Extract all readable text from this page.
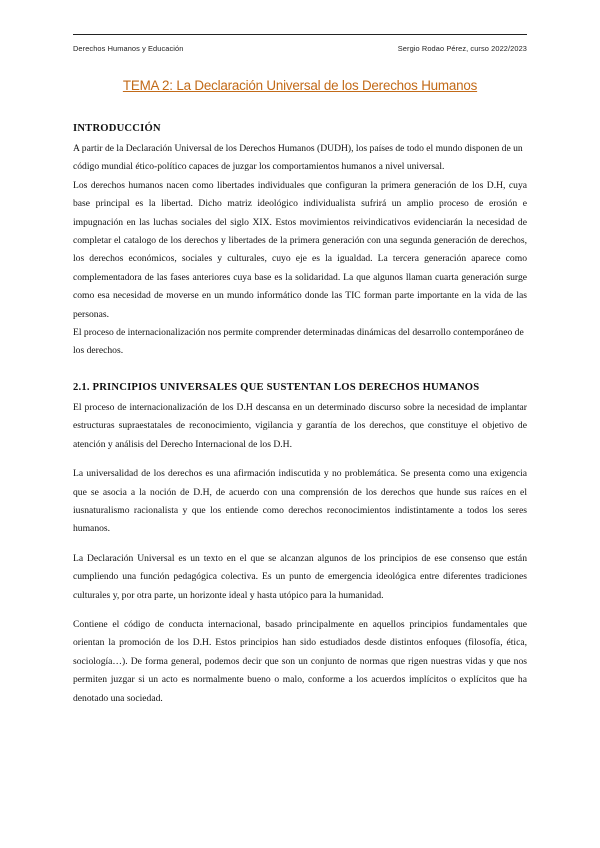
Derechos Humanos y Educación	Sergio Rodao Pérez, curso 2022/2023
TEMA 2: La Declaración Universal de los Derechos Humanos
INTRODUCCIÓN

A partir de la Declaración Universal de los Derechos Humanos (DUDH), los países de todo el mundo disponen de un código mundial ético-político capaces de juzgar los comportamientos humanos a nivel universal.

Los derechos humanos nacen como libertades individuales que configuran la primera generación de los D.H, cuya base principal es la libertad. Dicho matriz ideológico individualista sufrirá un amplio proceso de erosión e impugnación en las luchas sociales del siglo XIX. Estos movimientos reivindicativos evidenciarán la necesidad de completar el catalogo de los derechos y libertades de la primera generación con una segunda generación de derechos, los derechos económicos, sociales y culturales, cuyo eje es la igualdad. La tercera generación aparece como complementadora de las fases anteriores cuya base es la solidaridad. La que algunos llaman cuarta generación surge como esa necesidad de moverse en un mundo informático donde las TIC forman parte importante en la vida de las personas.

El proceso de internacionalización nos permite comprender determinadas dinámicas del desarrollo contemporáneo de los derechos.

2.1. PRINCIPIOS UNIVERSALES QUE SUSTENTAN LOS DERECHOS HUMANOS

El proceso de internacionalización de los D.H descansa en un determinado discurso sobre la necesidad de implantar estructuras supraestatales de reconocimiento, vigilancia y garantía de los derechos, que constituye el objetivo de atención y análisis del Derecho Internacional de los D.H.

La universalidad de los derechos es una afirmación indiscutida y no problemática. Se presenta como una exigencia que se asocia a la noción de D.H, de acuerdo con una comprensión de los derechos que hunde sus raíces en el iusnaturalismo racionalista y que los entiende como derechos reconocimientos indistintamente a todos los seres humanos.

La Declaración Universal es un texto en el que se alcanzan algunos de los principios de ese consenso que están cumpliendo una función pedagógica colectiva. Es un punto de emergencia ideológica entre diferentes tradiciones culturales y, por otra parte, un horizonte ideal y hasta utópico para la humanidad.

Contiene el código de conducta internacional, basado principalmente en aquellos principios fundamentales que orientan la promoción de los D.H. Estos principios han sido estudiados desde distintos enfoques (filosofía, ética, sociología…). De forma general, podemos decir que son un conjunto de normas que rigen nuestras vidas y que nos permiten juzgar si un acto es normalmente bueno o malo, conforme a los acuerdos implícitos o explícitos que ha denotado una sociedad.
